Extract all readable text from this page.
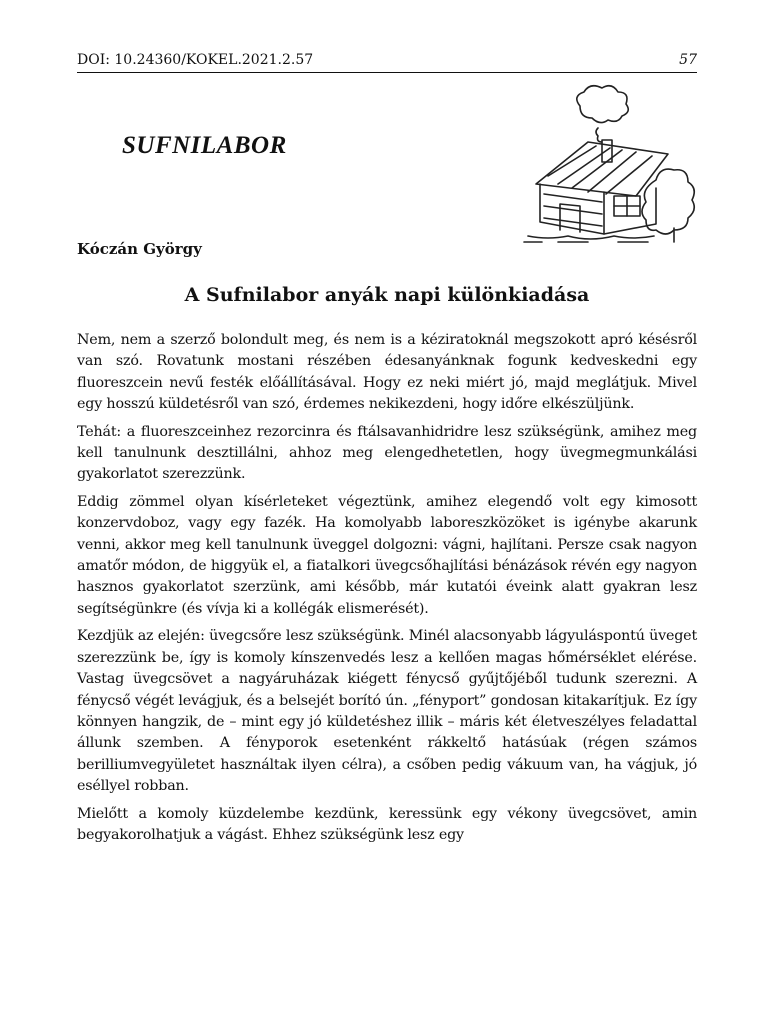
DOI: 10.24360/KOKEL.2021.2.57	57
SUFNILABOR
Kóczán György
A Sufnilabor anyák napi különkiadása

Nem, nem a szerző bolondult meg, és nem is a kéziratoknál megszokott apró késésről van szó. Rovatunk mostani részében édesanyánknak fogunk kedveskedni egy fluoreszcein nevű festék előállításával. Hogy ez neki miért jó, majd meglátjuk. Mivel egy hosszú küldetésről van szó, érdemes nekikezdeni, hogy időre elkészüljünk.

Tehát: a fluoreszceinhez rezorcinra és ftálsavanhidridre lesz szükségünk, amihez meg kell tanulnunk desztillálni, ahhoz meg elengedhetetlen, hogy üvegmegmunkálási gyakorlatot szerezzünk.

Eddig zömmel olyan kísérleteket végeztünk, amihez elegendő volt egy kimosott konzervdoboz, vagy egy fazék. Ha komolyabb laboreszközöket is igénybe akarunk venni, akkor meg kell tanulnunk üveggel dolgozni: vágni, hajlítani. Persze csak nagyon amatőr módon, de higgyük el, a fiatalkori üvegcsőhajlítási bénázások révén egy nagyon hasznos gyakorlatot szerzünk, ami később, már kutatói éveink alatt gyakran lesz segítségünkre (és vívja ki a kollégák elismerését).

Kezdjük az elején: üvegcsőre lesz szükségünk. Minél alacsonyabb lágyuláspontú üveget szerezzünk be, így is komoly kínszenvedés lesz a kellően magas hőmérséklet elérése. Vastag üvegcsövet a nagyáruházak kiégett fénycső gyűjtőjéből tudunk szerezni. A fénycső végét levágjuk, és a belsejét borító ún. „fényport” gondosan kitakarítjuk. Ez így könnyen hangzik, de – mint egy jó küldetéshez illik – máris két életveszélyes feladattal állunk szemben. A fényporok esetenként rákkeltő hatásúak (régen számos berilliumvegyületet használtak ilyen célra), a csőben pedig vákuum van, ha vágjuk, jó eséllyel robban.

Mielőtt a komoly küzdelembe kezdünk, keressünk egy vékony üvegcsövet, amin begyakorolhatjuk a vágást. Ehhez szükségünk lesz egy
